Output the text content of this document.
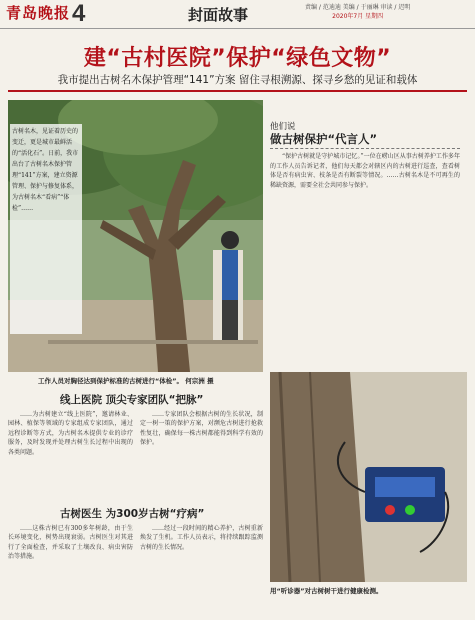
青岛晚报 4	封面故事	责编 / 范迪迪 美编 / 于丽琳 审读 / 迟明
2020年7月 星期四
建“古村医院”保护“绿色文物”
我市提出古树名木保护管理“141”方案 留住寻根溯源、探寻乡愁的见证和载体
古树名木，见证着历史的变迁，更是城市最鲜活的“活化石”。日前，我市出台了古树名木保护管理“141”方案，建立资源管理、保护与修复体系，为古树名木“看病”“体检”……
工作人员对胸径达到保护标准的古树进行“体检”。 何宗洲 摄
他们说
做古树保护“代言人”
“保护古树就是守护城市记忆。”一位在崂山区从事古树养护工作多年的工作人员告诉记者，他们每天都会对辖区内的古树进行巡查，查看树体是否有病虫害、枝条是否有断裂等情况。……古树名木是不可再生的稀缺资源，需要全社会共同参与保护。
线上医院 顶尖专家团队“把脉”
……为古树建立“线上医院”，邀请林业、园林、植保等领域的专家组成专家团队，通过远程诊断等方式，为古树名木提供专业的诊疗服务，及时发现并处理古树生长过程中出现的各类问题。
……专家团队会根据古树的生长状况，制定一树一策的保护方案，对濒危古树进行抢救性复壮，确保每一株古树都能得到科学有效的保护。
古树医生 为300岁古树“疗病”
……这株古树已有300多年树龄，由于生长环境变化，树势出现衰弱。古树医生对其进行了全面检查，并采取了土壤改良、病虫害防治等措施。
……经过一段时间的精心养护，古树重新焕发了生机。工作人员表示，将持续跟踪监测古树的生长情况。
用“听诊器”对古树树干进行健康检测。
